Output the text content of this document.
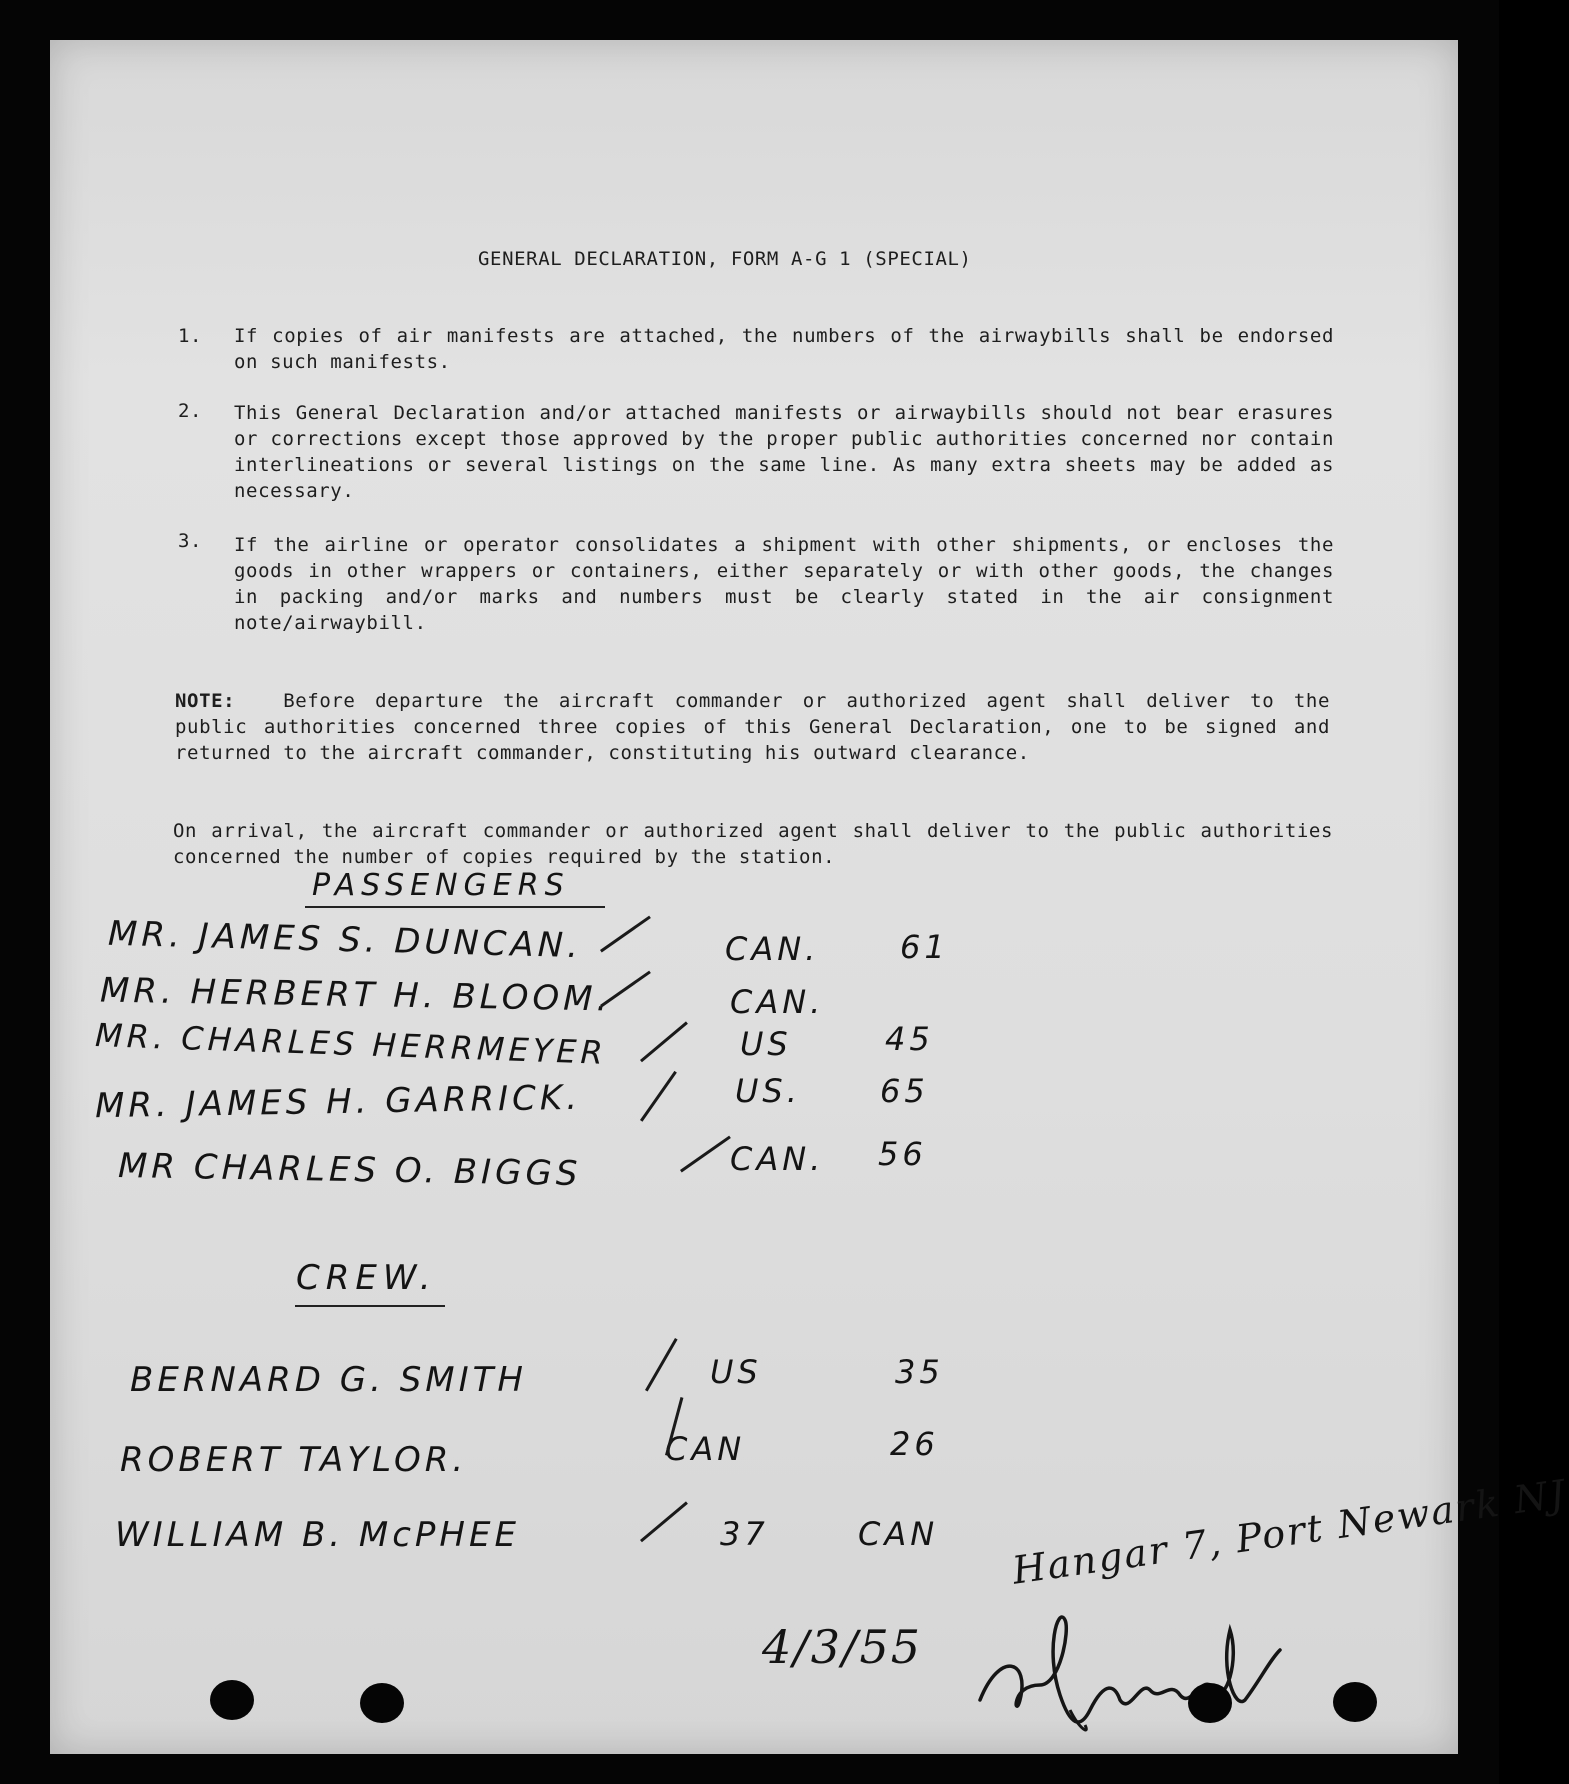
GENERAL DECLARATION, FORM A-G 1 (SPECIAL)
1. If copies of air manifests are attached, the numbers of the airwaybills shall be endorsed on such manifests.
2. This General Declaration and/or attached manifests or airwaybills should not bear erasures or corrections except those approved by the proper public authorities concerned nor contain interlineations or several listings on the same line. As many extra sheets may be added as necessary.
3. If the airline or operator consolidates a shipment with other shipments, or encloses the goods in other wrappers or containers, either separately or with other goods, the changes in packing and/or marks and numbers must be clearly stated in the air consignment note/airwaybill.
NOTE:	Before departure the aircraft commander or authorized agent shall deliver to the public authorities concerned three copies of this General Declaration, one to be signed and returned to the aircraft commander, constituting his outward clearance.
On arrival, the aircraft commander or authorized agent shall deliver to the public authorities concerned the number of copies required by the station.
PASSENGERS
MR. JAMES S. DUNCAN.	CAN.	61
MR. HERBERT H. BLOOM.	CAN.
MR. CHARLES HERRMEYER	US	45
MR. JAMES H. GARRICK.	US. 65
MR CHARLES O. BIGGS	CAN. 56
CREW.
BERNARD G. SMITH	US	35
ROBERT TAYLOR.	CAN	26
WILLIAM B. McPHEE	37	CAN Hangar 7, Port Newark NJ
4/3/55
